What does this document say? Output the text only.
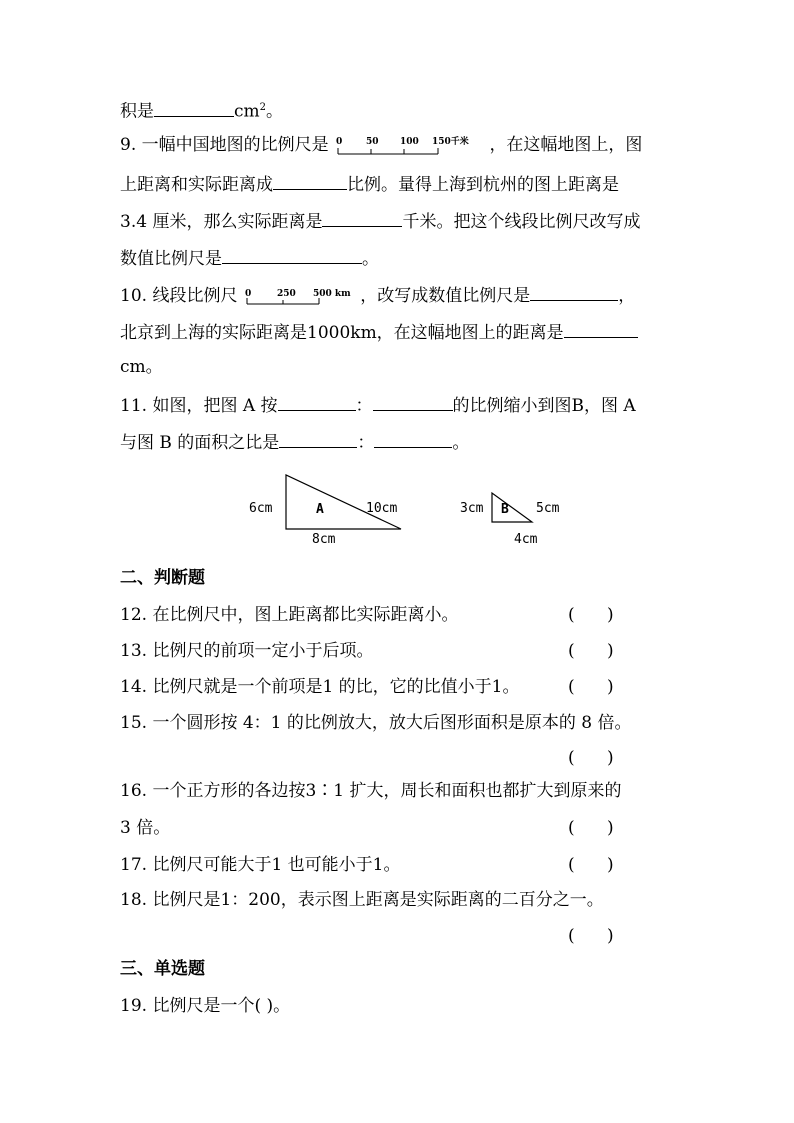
积是	$cm^2$。
9. 一幅中国地图的比例尺是 0	50 100 150千米 ，在这幅地图上，图
上距离和实际距离成	比例。量得上海到杭州的图上距离是
3.4 厘米，那么实际距离是	千米。把这个线段比例尺改写成
数值比例尺是	。
10. 线段比例尺 0	250 500 km ，改写成数值比例尺是	，
北京到上海的实际距离是1000km，在这幅地图上的距离是
cm。
11. 如图，把图 A 按	：	的比例缩小到图B，图 A
与图 B 的面积之比是	：	。
A
6cm	10cm
8cm
B
3cm	5cm
4cm
二、判断题
12. 在比例尺中，图上距离都比实际距离小。	(      )
13. 比例尺的前项一定小于后项。	(      )
14. 比例尺就是一个前项是1 的比，它的比值小于1。	(      )
15. 一个圆形按 4：1 的比例放大，放大后图形面积是原本的 8 倍。
(      )
16. 一个正方形的各边按3∶1 扩大，周长和面积也都扩大到原来的
3 倍。	(      )
17. 比例尺可能大于1 也可能小于1。	(      )
18. 比例尺是1：200，表示图上距离是实际距离的二百分之一。
(      )
三、单选题
19. 比例尺是一个( )。
